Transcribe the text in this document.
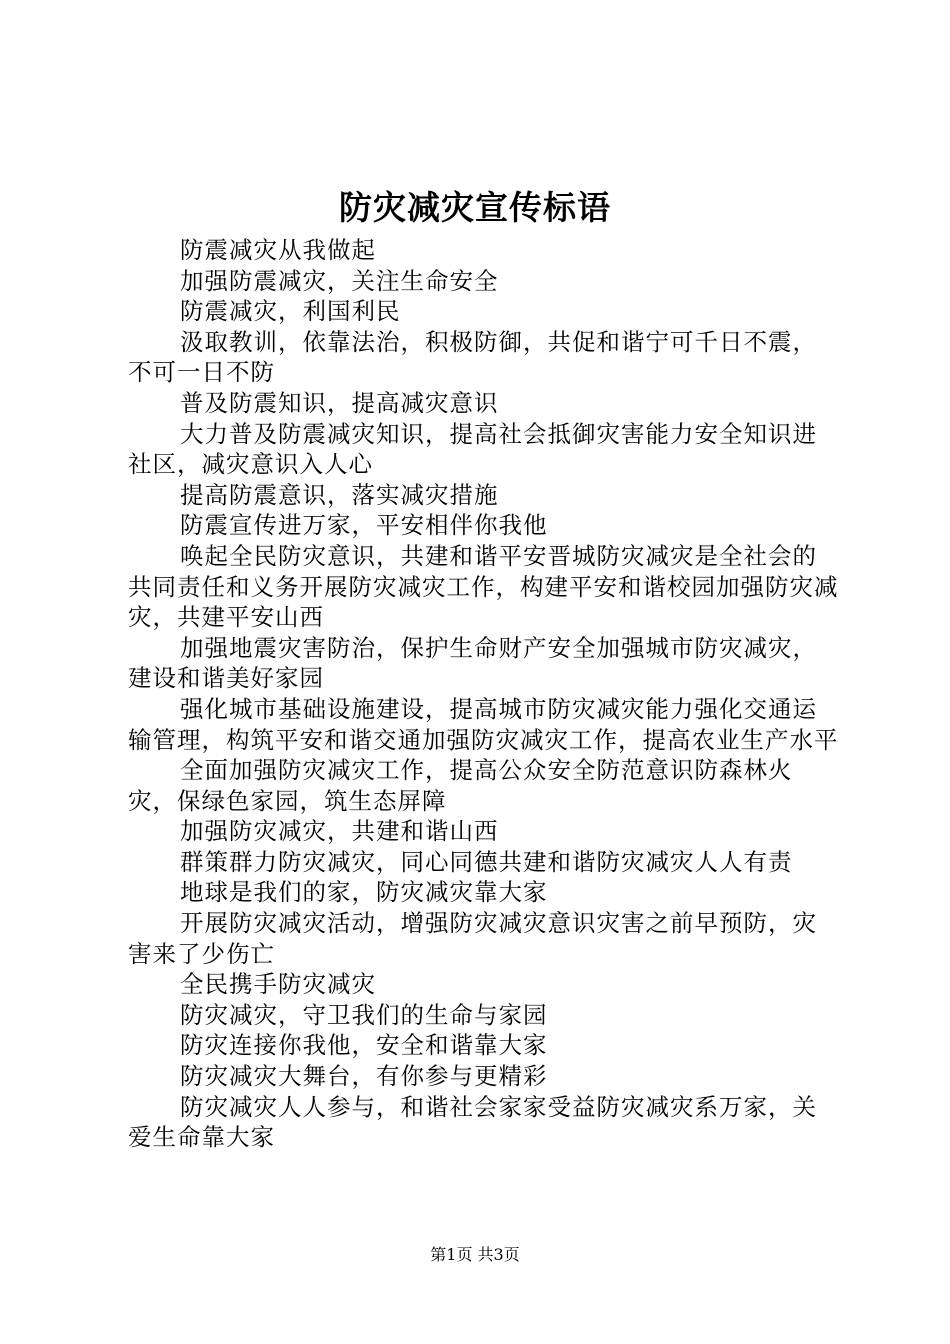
防灾减灾宣传标语

防震减灾从我做起

加强防震减灾，关注生命安全

防震减灾，利国利民

汲取教训，依靠法治，积极防御，共促和谐宁可千日不震，不可一日不防

普及防震知识，提高减灾意识

大力普及防震减灾知识，提高社会抵御灾害能力安全知识进社区，减灾意识入人心

提高防震意识，落实减灾措施

防震宣传进万家，平安相伴你我他

唤起全民防灾意识，共建和谐平安晋城防灾减灾是全社会的共同责任和义务开展防灾减灾工作，构建平安和谐校园加强防灾减灾，共建平安山西

加强地震灾害防治，保护生命财产安全加强城市防灾减灾，建设和谐美好家园

强化城市基础设施建设，提高城市防灾减灾能力强化交通运输管理，构筑平安和谐交通加强防灾减灾工作，提高农业生产水平

全面加强防灾减灾工作，提高公众安全防范意识防森林火灾，保绿色家园，筑生态屏障

加强防灾减灾，共建和谐山西

群策群力防灾减灾，同心同德共建和谐防灾减灾人人有责

地球是我们的家，防灾减灾靠大家

开展防灾减灾活动，增强防灾减灾意识灾害之前早预防，灾害来了少伤亡

全民携手防灾减灾

防灾减灾，守卫我们的生命与家园

防灾连接你我他，安全和谐靠大家

防灾减灾大舞台，有你参与更精彩

防灾减灾人人参与，和谐社会家家受益防灾减灾系万家，关爱生命靠大家

第1页 共3页
